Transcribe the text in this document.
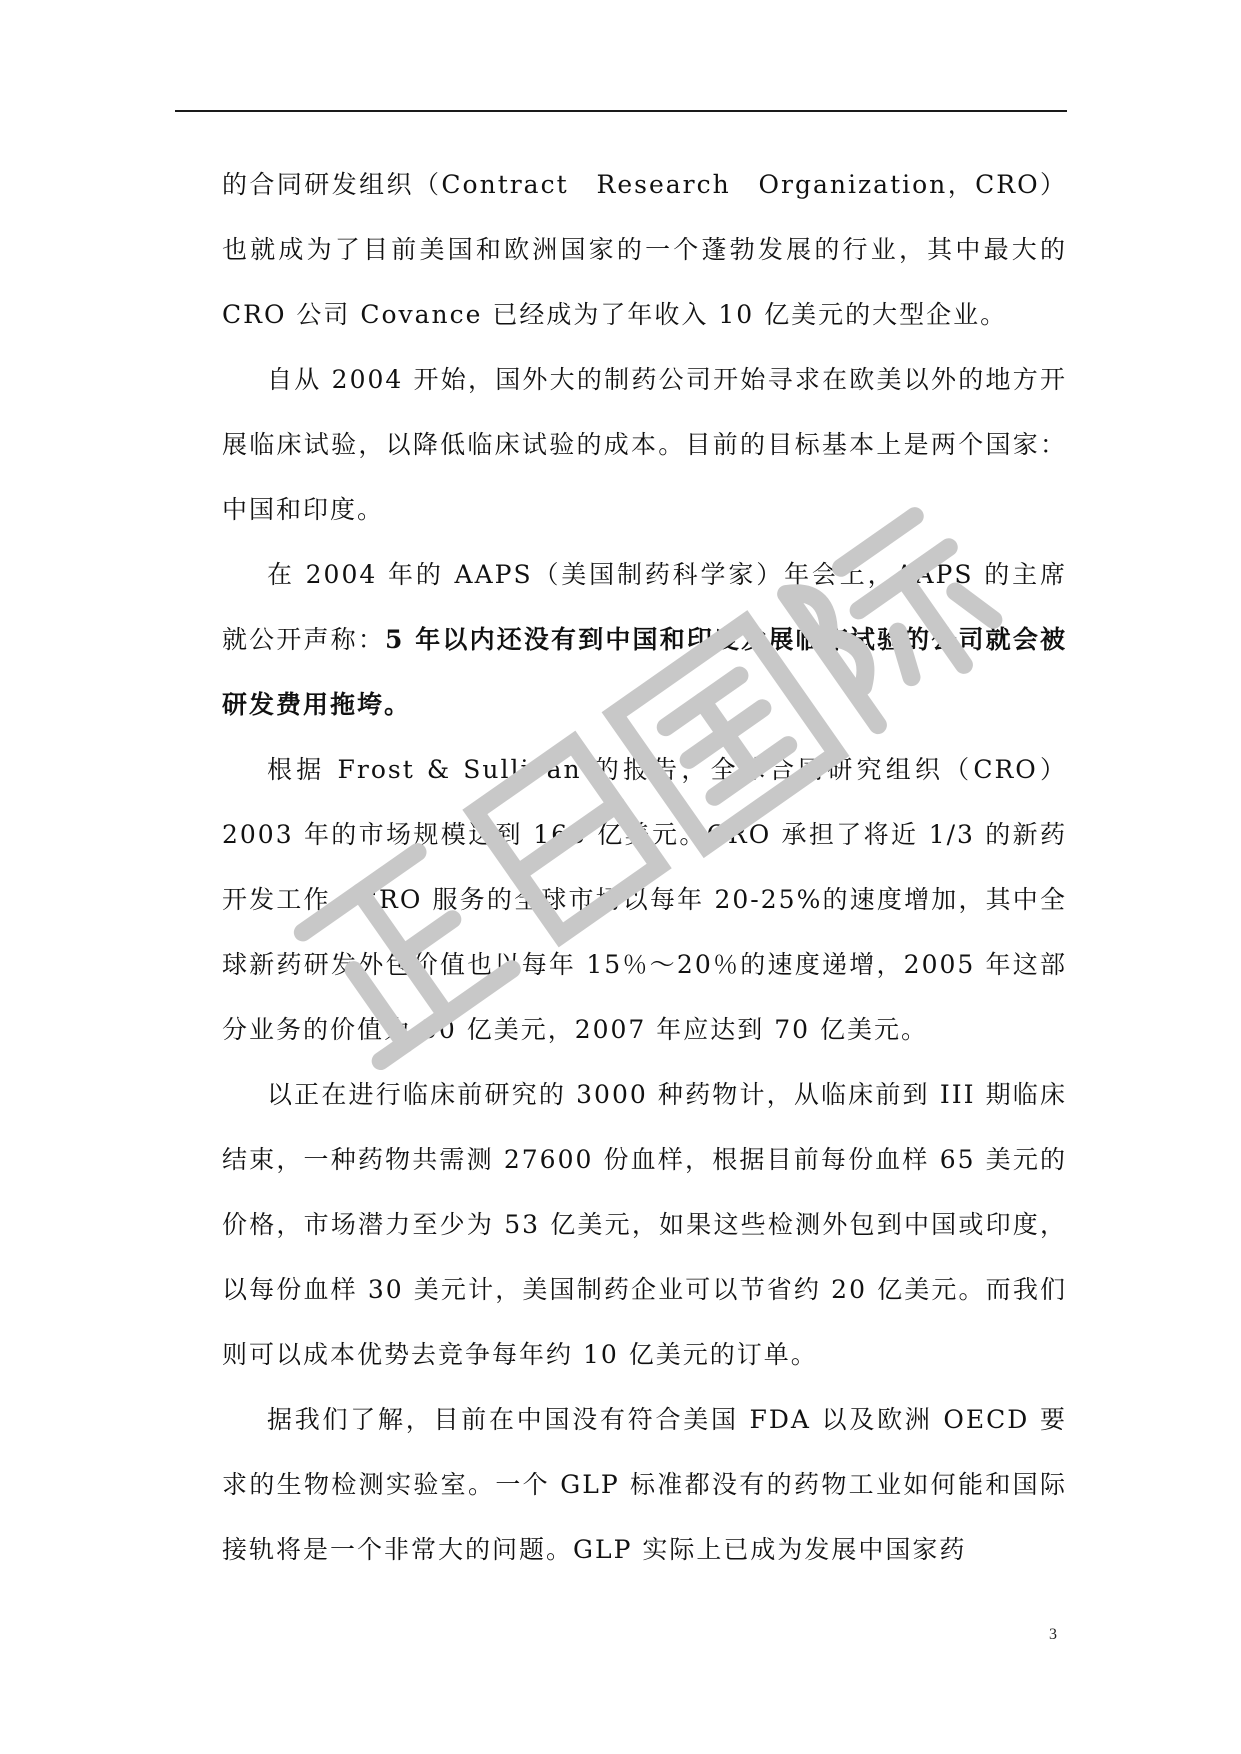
的合同研发组织（Contract　Research　Organization，CRO）也就成为了目前美国和欧洲国家的一个蓬勃发展的行业，其中最大的CRO 公司 Covance 已经成为了年收入 10 亿美元的大型企业。

自从 2004 开始，国外大的制药公司开始寻求在欧美以外的地方开展临床试验，以降低临床试验的成本。目前的目标基本上是两个国家：中国和印度。

在 2004 年的 AAPS（美国制药科学家）年会上，AAPS 的主席就公开声称：5 年以内还没有到中国和印度发展临床试验的公司就会被研发费用拖垮。

根据 Frost & Sullivan 的报告，全球合同研究组织（CRO）2003 年的市场规模达到 163 亿美元。CRO 承担了将近 1/3 的新药开发工作。CRO 服务的全球市场以每年 20-25%的速度增加，其中全球新药研发外包价值也以每年 15％～20％的速度递增，2005 年这部分业务的价值为 50 亿美元，2007 年应达到 70 亿美元。

以正在进行临床前研究的 3000 种药物计，从临床前到 III 期临床结束，一种药物共需测 27600 份血样，根据目前每份血样 65 美元的价格，市场潜力至少为 53 亿美元，如果这些检测外包到中国或印度，以每份血样 30 美元计，美国制药企业可以节省约 20 亿美元。而我们则可以成本优势去竞争每年约 10 亿美元的订单。

据我们了解，目前在中国没有符合美国 FDA 以及欧洲 OECD 要求的生物检测实验室。一个 GLP 标准都没有的药物工业如何能和国际接轨将是一个非常大的问题。GLP 实际上已成为发展中国家药

3
